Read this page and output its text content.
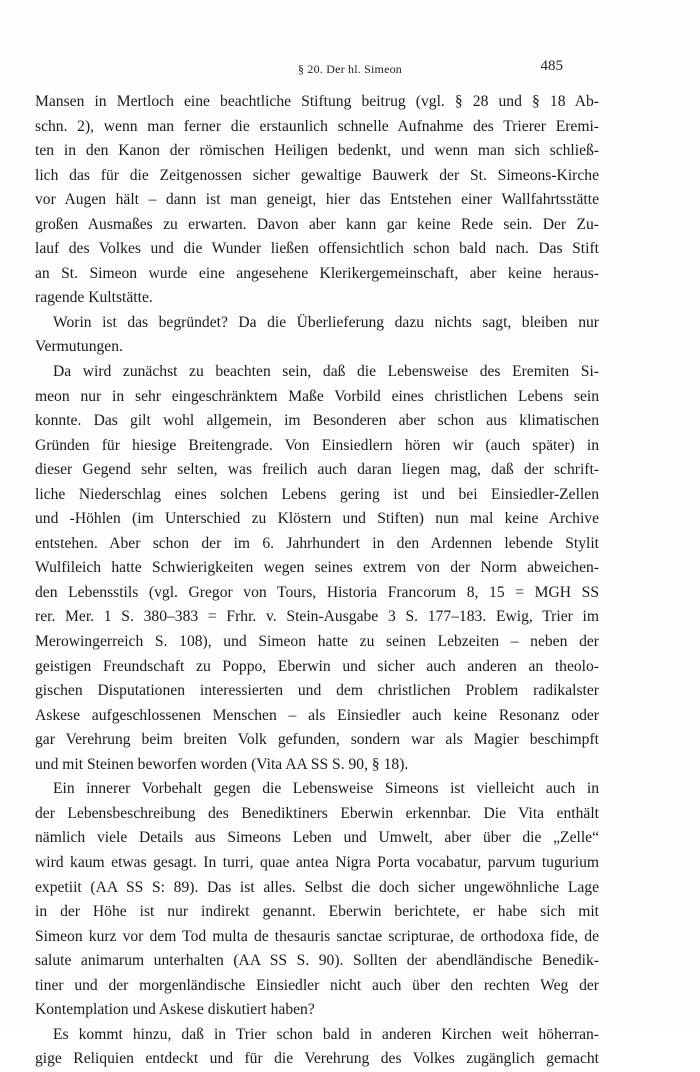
§ 20. Der hl. Simeon	485
Mansen in Mertloch eine beachtliche Stiftung beitrug (vgl. § 28 und § 18 Ab-
schn. 2), wenn man ferner die erstaunlich schnelle Aufnahme des Trierer Eremi-
ten in den Kanon der römischen Heiligen bedenkt, und wenn man sich schließ-
lich das für die Zeitgenossen sicher gewaltige Bauwerk der St. Simeons-Kirche
vor Augen hält – dann ist man geneigt, hier das Entstehen einer Wallfahrtsstätte
großen Ausmaßes zu erwarten. Davon aber kann gar keine Rede sein. Der Zu-
lauf des Volkes und die Wunder ließen offensichtlich schon bald nach. Das Stift
an St. Simeon wurde eine angesehene Klerikergemeinschaft, aber keine heraus-
ragende Kultstätte.
Worin ist das begründet? Da die Überlieferung dazu nichts sagt, bleiben nur
Vermutungen.
Da wird zunächst zu beachten sein, daß die Lebensweise des Eremiten Si-
meon nur in sehr eingeschränktem Maße Vorbild eines christlichen Lebens sein
konnte. Das gilt wohl allgemein, im Besonderen aber schon aus klimatischen
Gründen für hiesige Breitengrade. Von Einsiedlern hören wir (auch später) in
dieser Gegend sehr selten, was freilich auch daran liegen mag, daß der schrift-
liche Niederschlag eines solchen Lebens gering ist und bei Einsiedler-Zellen
und -Höhlen (im Unterschied zu Klöstern und Stiften) nun mal keine Archive
entstehen. Aber schon der im 6. Jahrhundert in den Ardennen lebende Stylit
Wulfileich hatte Schwierigkeiten wegen seines extrem von der Norm abweichen-
den Lebensstils (vgl. Gregor von Tours, Historia Francorum 8, 15 = MGH SS
rer. Mer. 1 S. 380–383 = Frhr. v. Stein-Ausgabe 3 S. 177–183. Ewig, Trier im
Merowingerreich S. 108), und Simeon hatte zu seinen Lebzeiten – neben der
geistigen Freundschaft zu Poppo, Eberwin und sicher auch anderen an theolo-
gischen Disputationen interessierten und dem christlichen Problem radikalster
Askese aufgeschlossenen Menschen – als Einsiedler auch keine Resonanz oder
gar Verehrung beim breiten Volk gefunden, sondern war als Magier beschimpft
und mit Steinen beworfen worden (Vita AA SS S. 90, § 18).
Ein innerer Vorbehalt gegen die Lebensweise Simeons ist vielleicht auch in
der Lebensbeschreibung des Benediktiners Eberwin erkennbar. Die Vita enthält
nämlich viele Details aus Simeons Leben und Umwelt, aber über die „Zelle“
wird kaum etwas gesagt. In turri, quae antea Nigra Porta vocabatur, parvum tugurium
expetiit (AA SS S: 89). Das ist alles. Selbst die doch sicher ungewöhnliche Lage
in der Höhe ist nur indirekt genannt. Eberwin berichtete, er habe sich mit
Simeon kurz vor dem Tod multa de thesauris sanctae scripturae, de orthodoxa fide, de
salute animarum unterhalten (AA SS S. 90). Sollten der abendländische Benedik-
tiner und der morgenländische Einsiedler nicht auch über den rechten Weg der
Kontemplation und Askese diskutiert haben?
Es kommt hinzu, daß in Trier schon bald in anderen Kirchen weit höherran-
gige Reliquien entdeckt und für die Verehrung des Volkes zugänglich gemacht
